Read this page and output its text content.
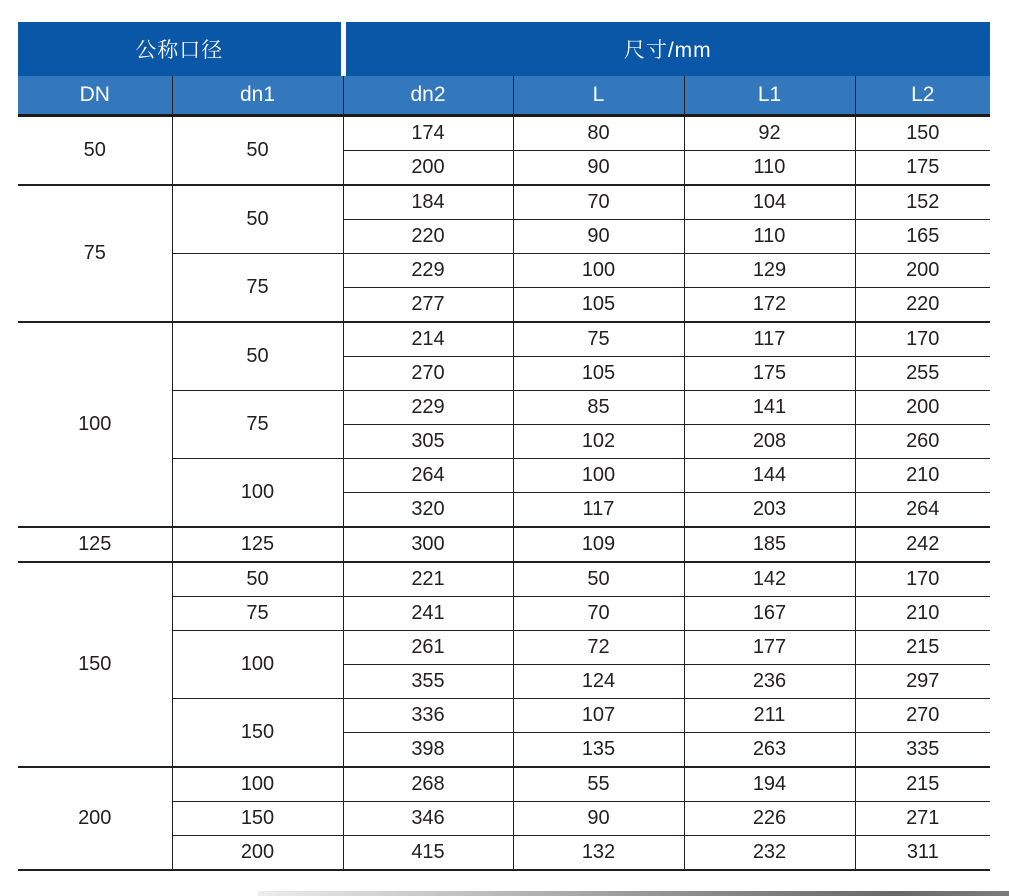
公称口径		尺寸/mm			
DN	dn1	dn2	L	L1	L2
50	50	174	80	92	150
		200	90	110	175
75	50	184	70	104	152
		220	90	110	165
	75	229	100	129	200
		277	105	172	220
100	50	214	75	117	170
		270	105	175	255
	75	229	85	141	200
		305	102	208	260
	100	264	100	144	210
		320	117	203	264
125	125	300	109	185	242
150	50	221	50	142	170
	75	241	70	167	210
	100	261	72	177	215
		355	124	236	297
	150	336	107	211	270
		398	135	263	335
200	100	268	55	194	215
	150	346	90	226	271
	200	415	132	232	311
